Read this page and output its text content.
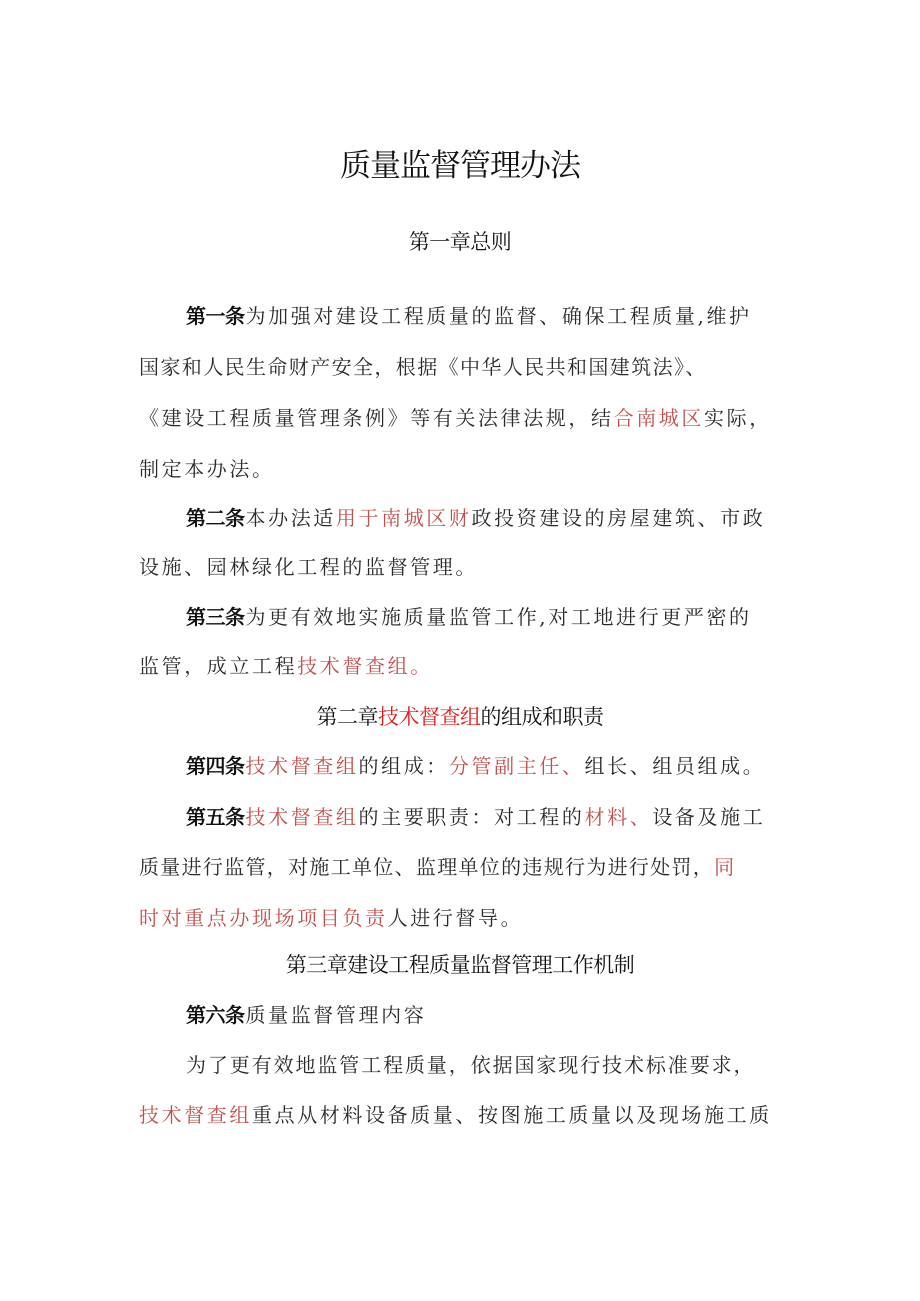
质量监督管理办法
第一章总则
第一条为加强对建设工程质量的监督、确保工程质量,维护
国家和人民生命财产安全，根据《中华人民共和国建筑法》、
《建设工程质量管理条例》等有关法律法规，结合南城区实际，
制定本办法。
第二条本办法适用于南城区财政投资建设的房屋建筑、市政
设施、园林绿化工程的监督管理。
第三条为更有效地实施质量监管工作,对工地进行更严密的
监管，成立工程技术督查组。
第二章技术督查组的组成和职责
第四条技术督查组的组成：分管副主任、组长、组员组成。
第五条技术督查组的主要职责：对工程的材料、设备及施工
质量进行监管，对施工单位、监理单位的违规行为进行处罚，同
时对重点办现场项目负责人进行督导。
第三章建设工程质量监督管理工作机制
第六条质量监督管理内容
为了更有效地监管工程质量，依据国家现行技术标准要求，
技术督查组重点从材料设备质量、按图施工质量以及现场施工质
